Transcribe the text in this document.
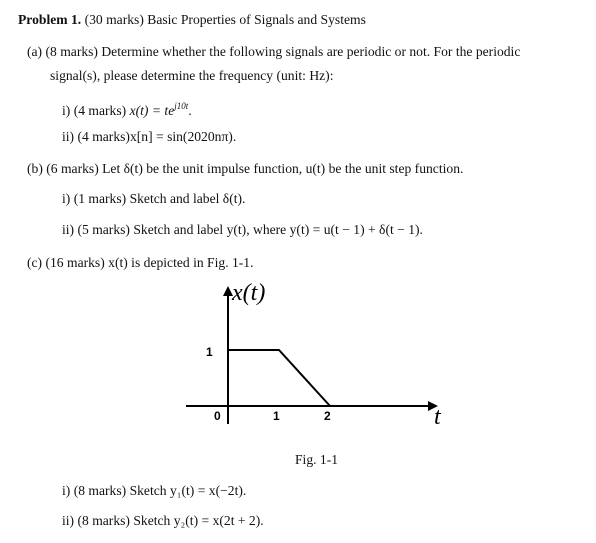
Problem 1. (30 marks) Basic Properties of Signals and Systems
(a) (8 marks) Determine whether the following signals are periodic or not. For the periodic
signal(s), please determine the frequency (unit: Hz):
i) (4 marks) $x(t) = te^{j10t}$.
ii) (4 marks)x[n] = sin(2020nπ).
(b) (6 marks) Let δ(t) be the unit impulse function, u(t) be the unit step function.
i) (1 marks) Sketch and label δ(t).
ii) (5 marks) Sketch and label y(t), where y(t) = u(t − 1) + δ(t − 1).
(c) (16 marks) x(t) is depicted in Fig. 1-1.
x(t)
t
1
0	1	2
Fig. 1-1
i) (8 marks) Sketch y₁(t) = x(−2t).
ii) (8 marks) Sketch y₂(t) = x(2t + 2).
